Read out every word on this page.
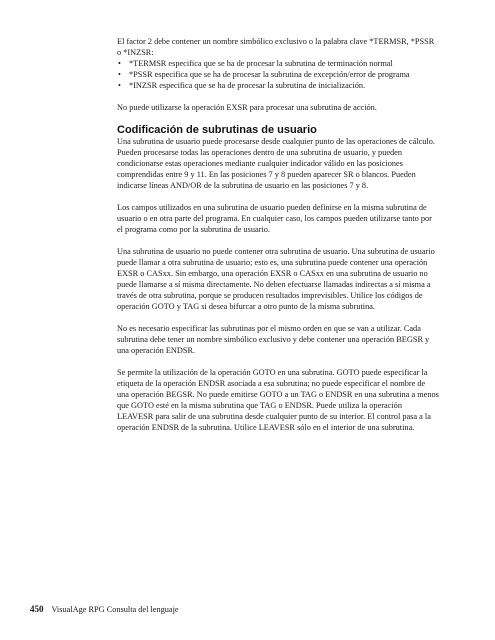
El factor 2 debe contener un nombre simbólico exclusivo o la palabra clave *TERMSR, *PSSR o *INZSR:

• *TERMSR especifica que se ha de procesar la subrutina de terminación normal
• *PSSR especifica que se ha de procesar la subrutina de excepción/error de programa
• *INZSR especifica que se ha de procesar la subrutina de inicialización.

No puede utilizarse la operación EXSR para procesar una subrutina de acción.

Codificación de subrutinas de usuario

Una subrutina de usuario puede procesarse desde cualquier punto de las operaciones de cálculo. Pueden procesarse todas las operaciones dentro de una subrutina de usuario, y pueden condicionarse estas operaciones mediante cualquier indicador válido en las posiciones comprendidas entre 9 y 11. En las posiciones 7 y 8 pueden aparecer SR o blancos. Pueden indicarse líneas AND/OR de la subrutina de usuario en las posiciones 7 y 8.

Los campos utilizados en una subrutina de usuario pueden definirse en la misma subrutina de usuario o en otra parte del programa. En cualquier caso, los campos pueden utilizarse tanto por el programa como por la subrutina de usuario.

Una subrutina de usuario no puede contener otra subrutina de usuario. Una subrutina de usuario puede llamar a otra subrutina de usuario; esto es, una subrutina puede contener una operación EXSR o CASxx. Sin embargo, una operación EXSR o CASxx en una subrutina de usuario no puede llamarse a sí misma directamente. No deben efectuarse llamadas indirectas a sí misma a través de otra subrutina, porque se producen resultados imprevisibles. Utilice los códigos de operación GOTO y TAG si desea bifurcar a otro punto de la misma subrutina.

No es necesario especificar las subrutinas por el mismo orden en que se van a utilizar. Cada subrutina debe tener un nombre simbólico exclusivo y debe contener una operación BEGSR y una operación ENDSR.

Se permite la utilización de la operación GOTO en una subrutina. GOTO puede especificar la etiqueta de la operación ENDSR asociada a esa subrutina; no puede especificar el nombre de una operación BEGSR. No puede emitirse GOTO a un TAG o ENDSR en una subrutina a menos que GOTO esté en la misma subrutina que TAG o ENDSR. Puede utiliza la operación LEAVESR para salir de una subrutina desde cualquier punto de su interior. El control pasa a la operación ENDSR de la subrutina. Utilice LEAVESR sólo en el interior de una subrutina.

450 VisualAge RPG Consulta del lenguaje
